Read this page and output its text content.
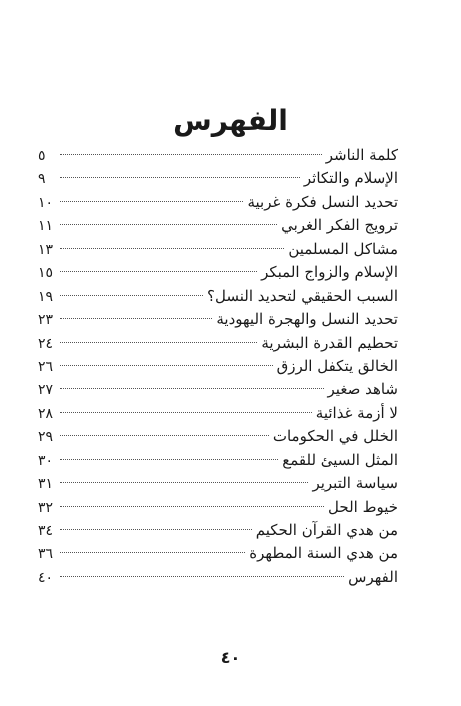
الفهرس
كلمة الناشر
٥
الإسلام والتكاثر
٩
تحديد النسل فكرة غربية
١٠
ترويج الفكر الغربي
١١
مشاكل المسلمين
١٣
الإسلام والزواج المبكر
١٥
السبب الحقيقي لتحديد النسل؟
١٩
تحديد النسل والهجرة اليهودية
٢٣
تحطيم القدرة البشرية
٢٤
الخالق يتكفل الرزق
٢٦
شاهد صغير
٢٧
لا أزمة غذائية
٢٨
الخلل في الحكومات
٢٩
المثل السيئ للقمع
٣٠
سياسة التبرير
٣١
خيوط الحل
٣٢
من هدي القرآن الحكيم
٣٤
من هدي السنة المطهرة
٣٦
الفهرس
٤٠
٤٠
